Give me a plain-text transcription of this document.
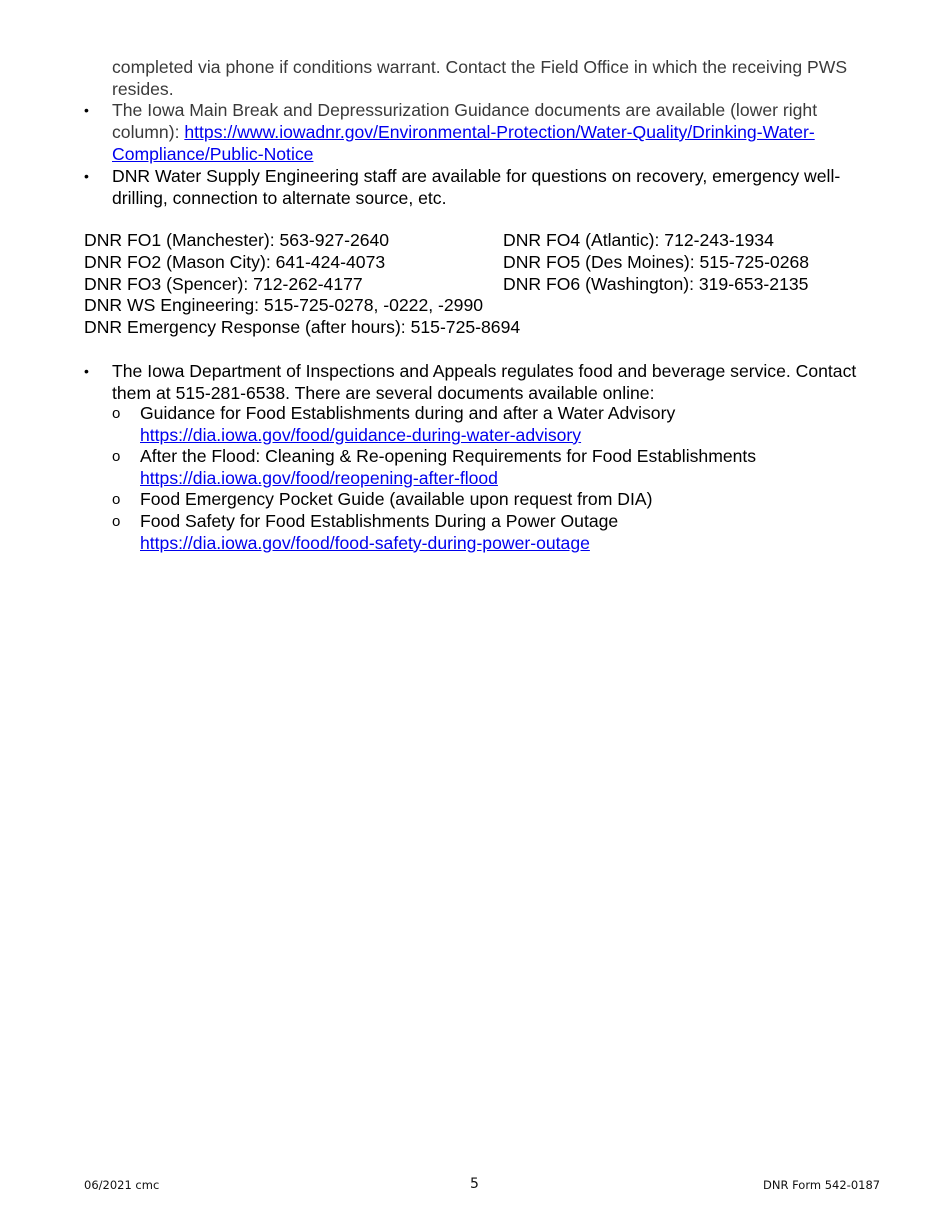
completed via phone if conditions warrant. Contact the Field Office in which the receiving PWS resides.
• The Iowa Main Break and Depressurization Guidance documents are available (lower right column): https://www.iowadnr.gov/Environmental-Protection/Water-Quality/Drinking-Water-Compliance/Public-Notice
• DNR Water Supply Engineering staff are available for questions on recovery, emergency well-drilling, connection to alternate source, etc.
DNR FO1 (Manchester): 563-927-2640	DNR FO4 (Atlantic): 712-243-1934
DNR FO2 (Mason City): 641-424-4073	DNR FO5 (Des Moines): 515-725-0268
DNR FO3 (Spencer): 712-262-4177	DNR FO6 (Washington): 319-653-2135
DNR WS Engineering: 515-725-0278, -0222, -2990
DNR Emergency Response (after hours): 515-725-8694
• The Iowa Department of Inspections and Appeals regulates food and beverage service. Contact them at 515-281-6538. There are several documents available online:
o Guidance for Food Establishments during and after a Water Advisory
https://dia.iowa.gov/food/guidance-during-water-advisory
o After the Flood: Cleaning & Re-opening Requirements for Food Establishments
https://dia.iowa.gov/food/reopening-after-flood
o Food Emergency Pocket Guide (available upon request from DIA)
o Food Safety for Food Establishments During a Power Outage
https://dia.iowa.gov/food/food-safety-during-power-outage
06/2021 cmc	5	DNR Form 542-0187
